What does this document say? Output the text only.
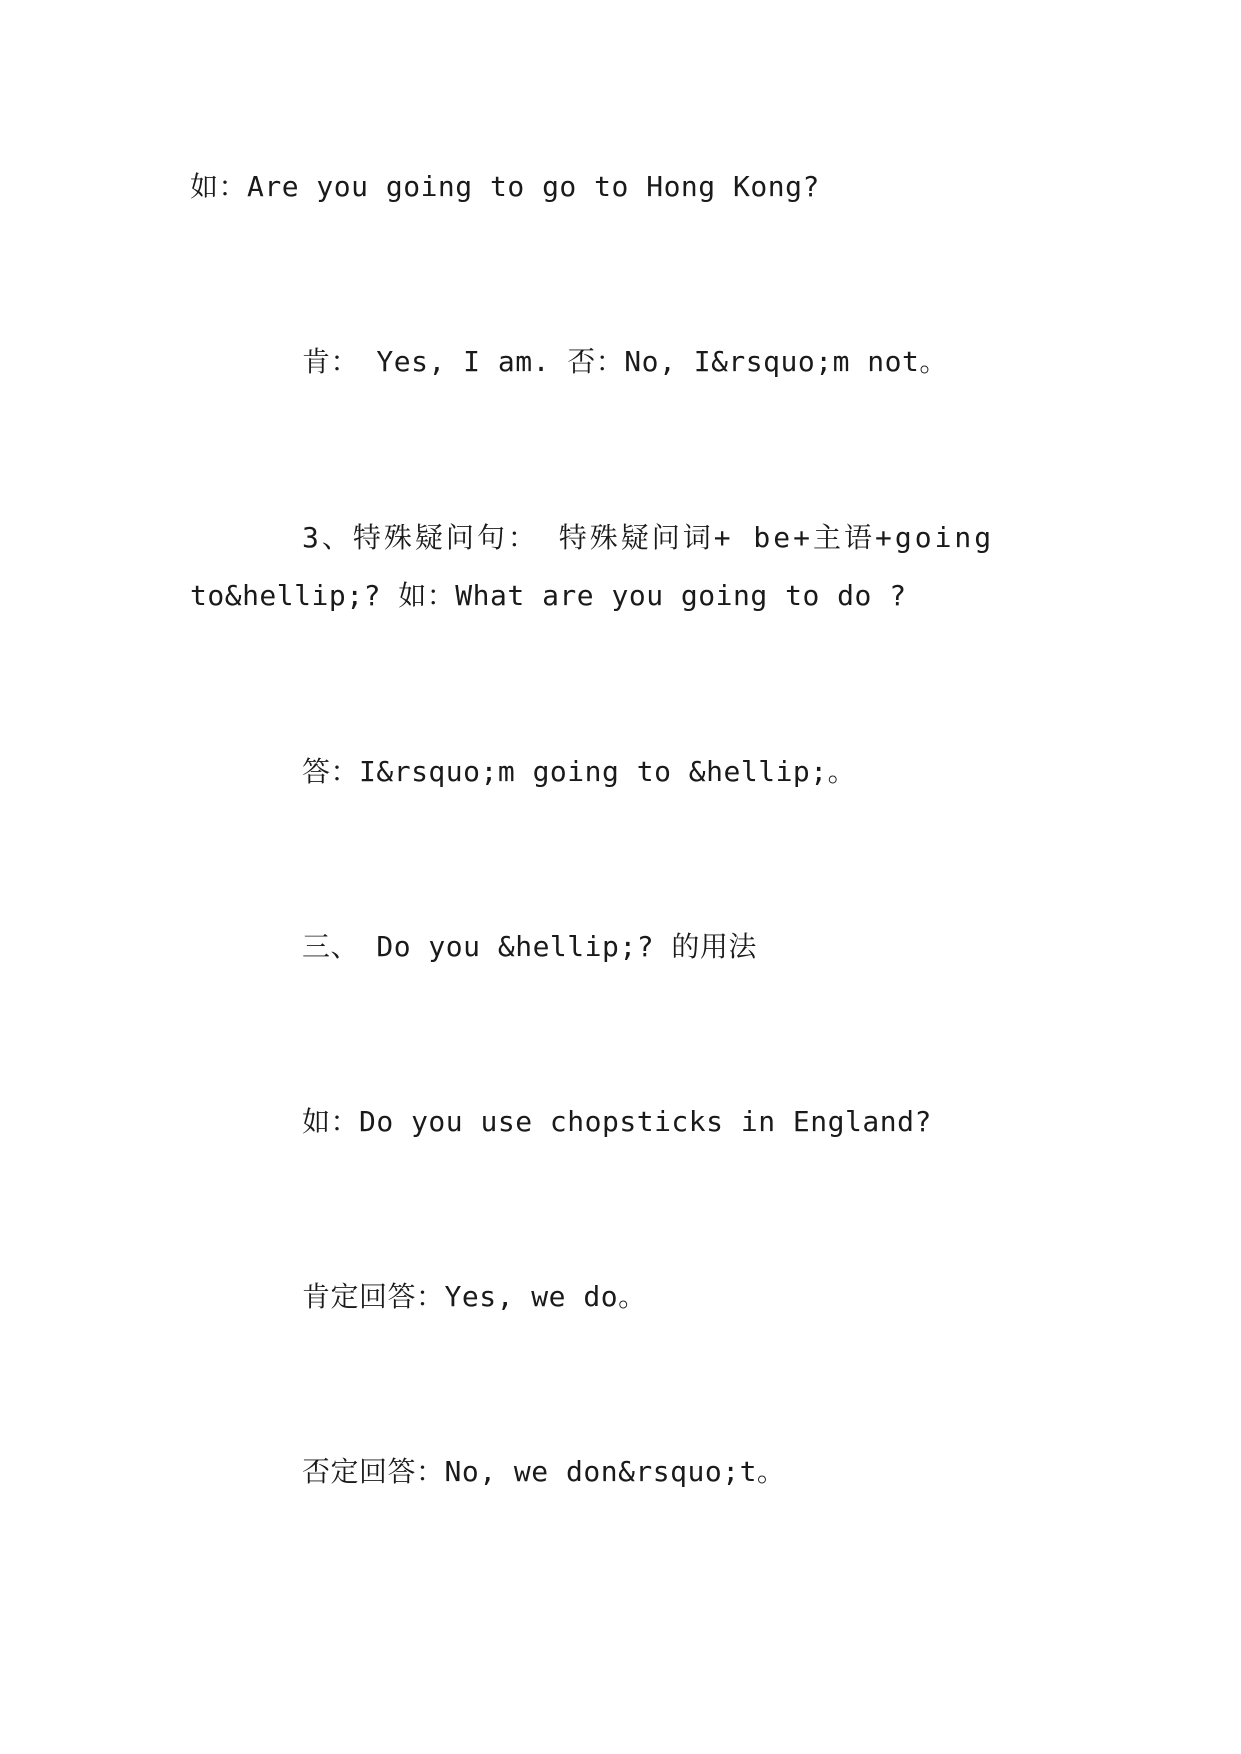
如：Are you going to go to Hong Kong?
肯： Yes, I am. 否：No, I&rsquo;m not。
3、特殊疑问句： 特殊疑问词+ be+主语+going
to&hellip;? 如：What are you going to do ?
答：I&rsquo;m going to &hellip;。
三、 Do you &hellip;? 的用法
如：Do you use chopsticks in England?
肯定回答：Yes, we do。
否定回答：No, we don&rsquo;t。
